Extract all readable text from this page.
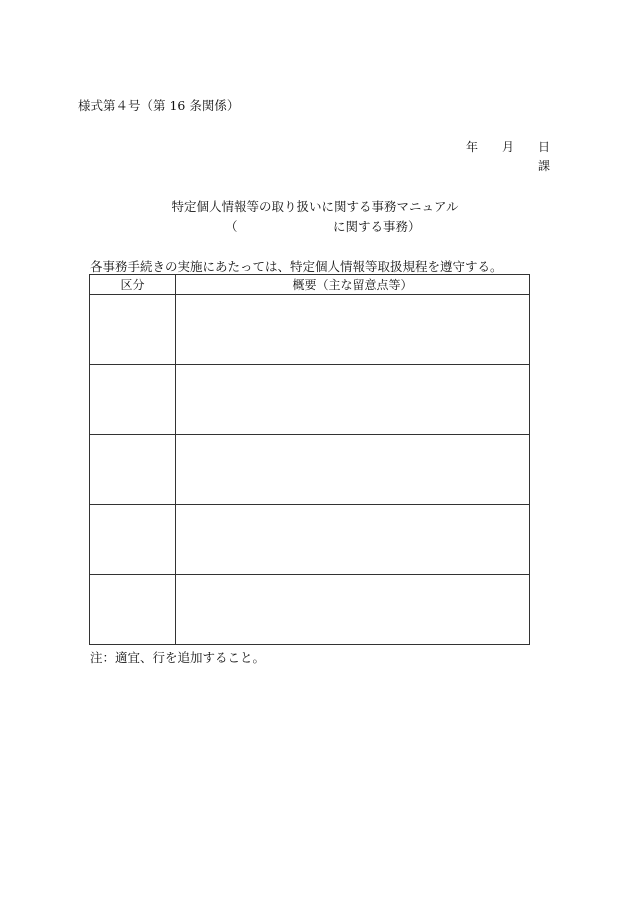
様式第４号（第 16 条関係）
年 月 日
課
特定個人情報等の取り扱いに関する事務マニュアル
（	に関する事務）
各事務手続きの実施にあたっては、特定個人情報等取扱規程を遵守する。
区分	概要（主な留意点等）

注：適宜、行を追加すること。
